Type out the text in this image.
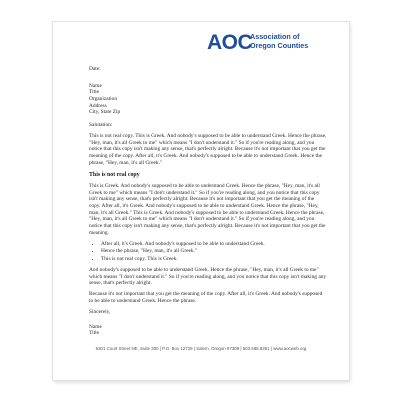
AOC
Association of
Oregon Counties

Date:

Name

Title

Organization

Address

City, State Zip

Salutation:

This is not real copy. This is Greek. And nobody's supposed to be able to understand Greek. Hence the phrase, "Hey, man, it's all Greek to me" which means "I don't understand it." So if you're reading along, and you notice that this copy isn't making any sense, that's perfectly alright. Because it's not important that you get the meaning of the copy. After all, it's Greek. And nobody's supposed to be able to understand Greek. Hence the phrase, "Hey, man, it's all Greek."

This is not real copy

This is Greek. And nobody's supposed to be able to understand Greek. Hence the phrase, "Hey, man, it's all Greek to me" which means "I don't understand it." So if you're reading along, and you notice that this copy isn't making any sense, that's perfectly alright. Because it's not important that you get the meaning of the copy. After all, it's Greek. And nobody's supposed to be able to understand Greek. Hence the phrase, "Hey, man, it's all Greek." This is Greek. And nobody's supposed to be able to understand Greek. Hence the phrase, "Hey, man, it's all Greek to me" which means "I don't understand it." So if you're reading along, and you notice that this copy isn't making any sense, that's perfectly alright. Because it's not important that you get the meaning.

• After all, it's Greek. And nobody's supposed to be able to understand Greek.
• Hence the phrase, "Hey, man, it's all Greek."
• This is not real copy. This is Greek.

And nobody's supposed to be able to understand Greek. Hence the phrase, "Hey, man, it's all Greek to me" which means "I don't understand it." So if you're reading along, and you notice that this copy isn't making any sense, that's perfectly alright.

Because it's not important that you get the meaning of the copy. After all, it's Greek. And nobody's supposed to be able to understand Greek. Hence the phrase.

Sincerely,

Name

Title

5301 Court Street NE, Suite 300 | P.O. Box 12729 | Salem, Oregon 97309 | 503.585.8351 | www.aocweb.org
